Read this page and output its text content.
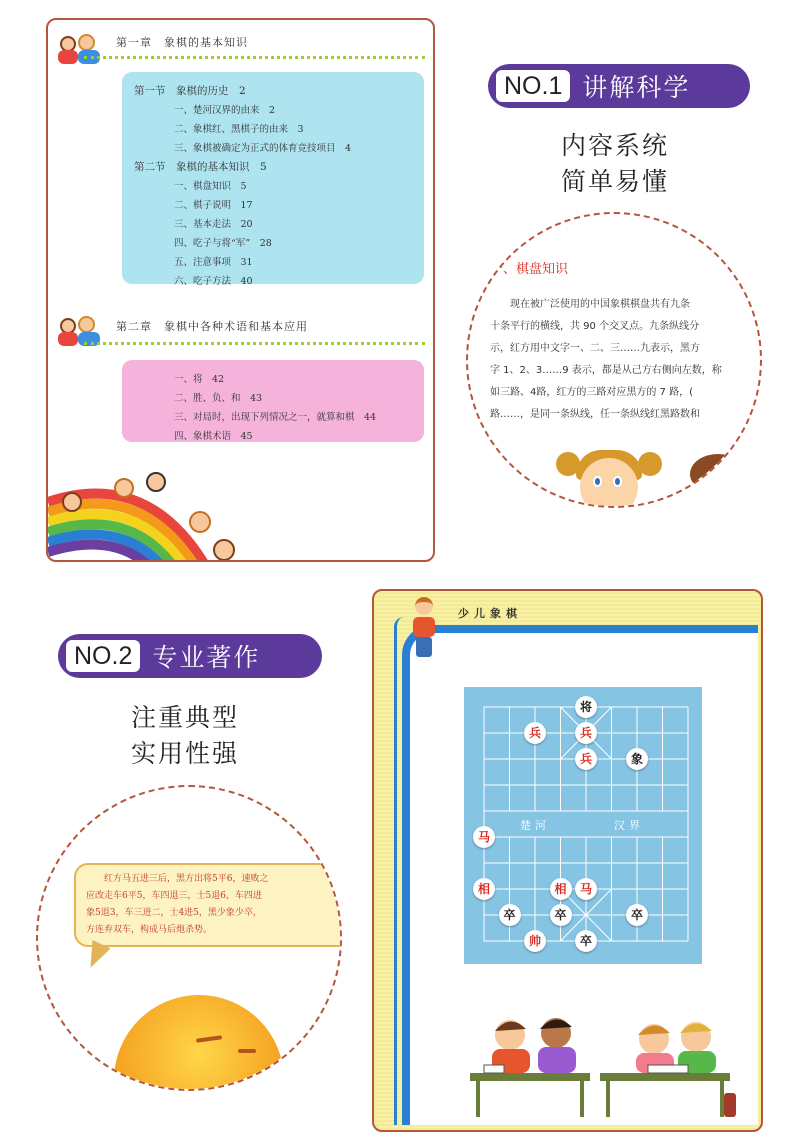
第一章　象棋的基本知识
第一节　象棋的历史　2
一、楚河汉界的由来　2
二、象棋红、黑棋子的由来　3
三、象棋被确定为正式的体育竞技项目　4
第二节　象棋的基本知识　5
一、棋盘知识　5
二、棋子说明　17
三、基本走法　20
四、吃子与将“军”　28
五、注意事项　31
六、吃子方法　40
第二章　象棋中各种术语和基本应用
一、将　42
二、胜、负、和　43
三、对局时，出现下列情况之一，就算和棋　44
四、象棋术语　45
NO.1 讲解科学
内容系统
简单易懂
一、棋盘知识
　　现在被广泛使用的中国象棋棋盘共有九条
十条平行的横线，共 90 个交叉点。九条纵线分
示，红方用中文字一、二、三……九表示，黑方
字 1、2、3……9 表示，都是从己方右侧向左数，称
如三路、4路，红方的三路对应黑方的 7 路，(
路……，是同一条纵线，任一条纵线红黑路数和
NO.2 专业著作
注重典型
实用性强
　　红方马五进三后，黑方出将5平6，速败之
应改走车6平5，车四退三，士5退6，车四进
象5退3，车三进二，士4进5，黑少象少卒，
方连弃双车，构成马后炮杀势。
少儿象棋
楚河	汉界
将
兵	兵
兵	象
马
相	相	马
卒	卒	卒
帅	卒
